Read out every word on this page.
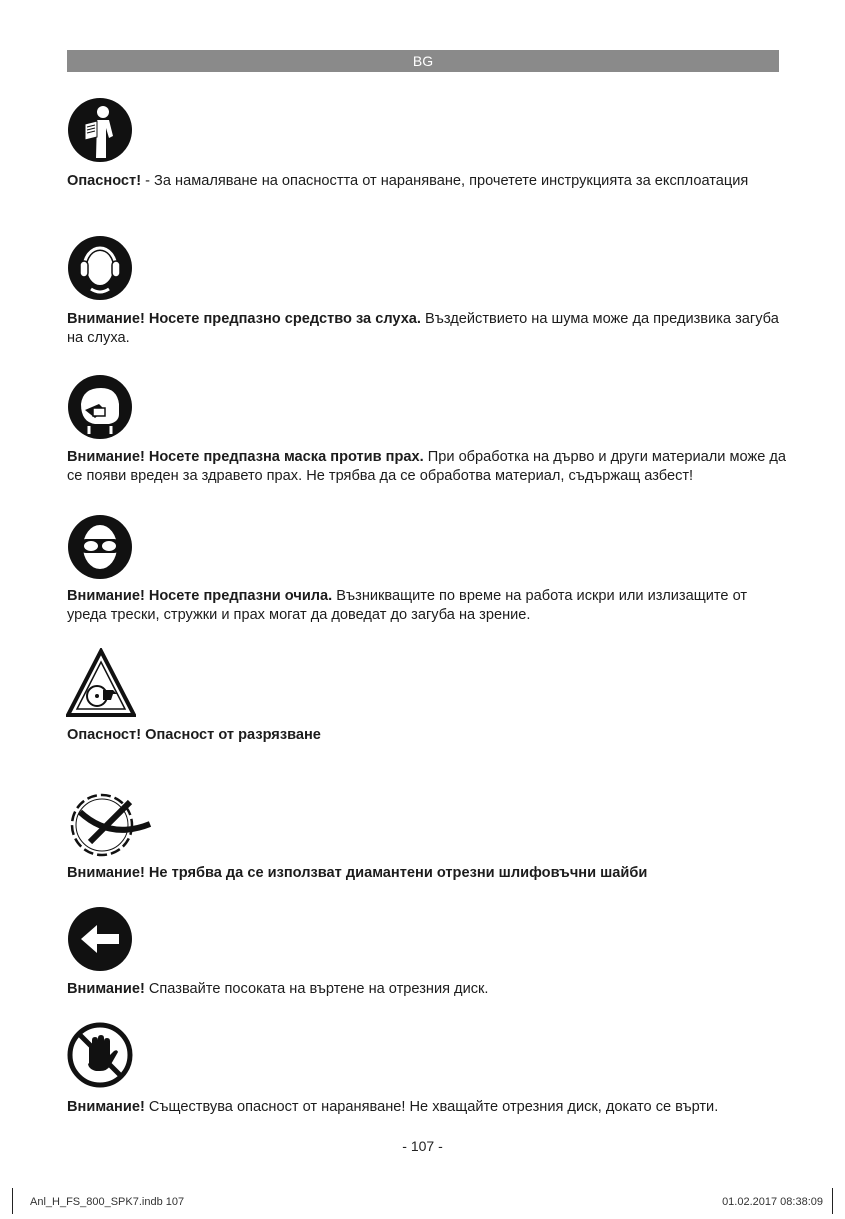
BG
Опасност! - За намаляване на опасността от нараняване, прочетете инструкцията за експлоатация
Внимание! Носете предпазно средство за слуха. Въздействието на шума може да предизвика загуба на слуха.
Внимание! Носете предпазна маска против прах. При обработка на дърво и други материали може да се появи вреден за здравето прах. Не трябва да се обработва материал, съдържащ азбест!
Внимание! Носете предпазни очила. Възникващите по време на работа искри или излизащите от уреда трески, стружки и прах могат да доведат до загуба на зрение.
Опасност! Опасност от разрязване
Внимание! Не трябва да се използват диамантени отрезни шлифовъчни шайби
Внимание! Спазвайте посоката на въртене на отрезния диск.
Внимание! Съществува опасност от нараняване! Не хващайте отрезния диск, докато се върти.
- 107 -
Anl_H_FS_800_SPK7.indb 107	01.02.2017 08:38:09
